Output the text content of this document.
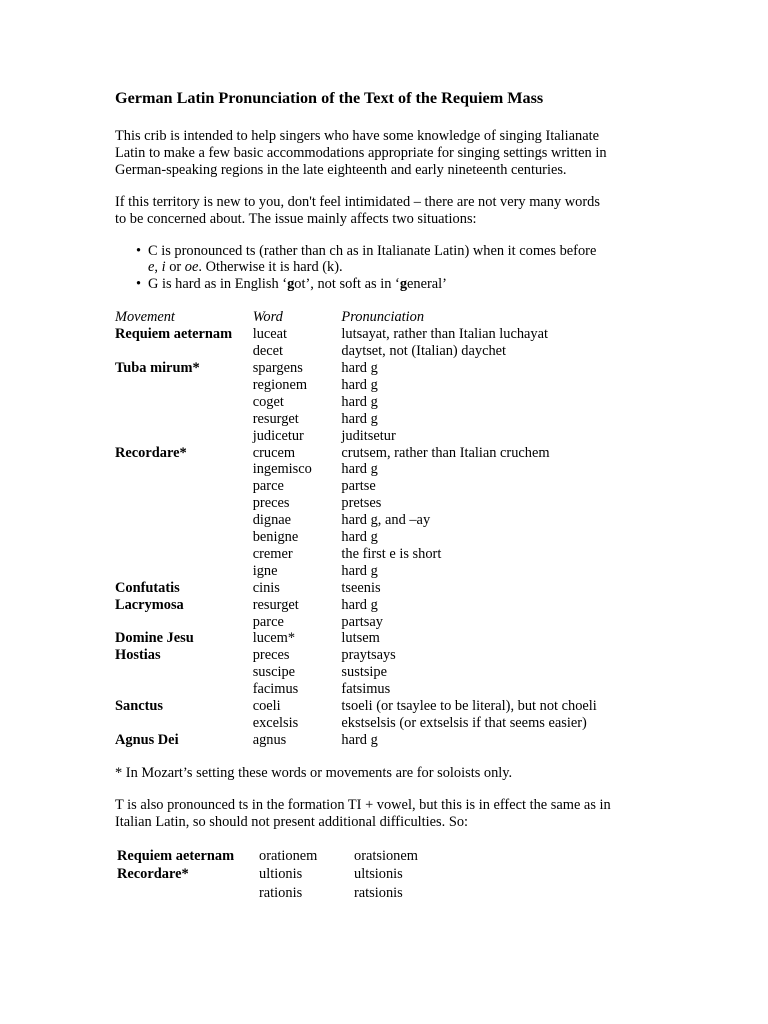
German Latin Pronunciation of the Text of the Requiem Mass

This crib is intended to help singers who have some knowledge of singing Italianate
Latin to make a few basic accommodations appropriate for singing settings written in
German-speaking regions in the late eighteenth and early nineteenth centuries.

If this territory is new to you, don't feel intimidated – there are not very many words
to be concerned about. The issue mainly affects two situations:

• C is pronounced ts (rather than ch as in Italianate Latin) when it comes before
e, i or oe. Otherwise it is hard (k).
• G is hard as in English ‘got’, not soft as in ‘general’
Movement	Word	Pronunciation
Requiem aeternam	luceat	lutsayat, rather than Italian luchayat
	decet	daytset, not (Italian) daychet
Tuba mirum*	spargens	hard g
	regionem	hard g
	coget	hard g
	resurget	hard g
	judicetur	juditsetur
Recordare*	crucem	crutsem, rather than Italian cruchem
	ingemisco	hard g
	parce	partse
	preces	pretses
	dignae	hard g, and –ay
	benigne	hard g
	cremer	the first e is short
	igne	hard g
Confutatis	cinis	tseenis
Lacrymosa	resurget	hard g
	parce	partsay
Domine Jesu	lucem*	lutsem
Hostias	preces	praytsays
	suscipe	sustsipe
	facimus	fatsimus
Sanctus	coeli	tsoeli (or tsaylee to be literal), but not choeli
	excelsis	ekstselsis (or extselsis if that seems easier)
Agnus Dei	agnus	hard g

* In Mozart’s setting these words or movements are for soloists only.

T is also pronounced ts in the formation TI + vowel, but this is in effect the same as in
Italian Latin, so should not present additional difficulties. So:

Requiem aeternam	orationem	oratsionem
Recordare*	ultionis	ultsionis
	rationis	ratsionis
